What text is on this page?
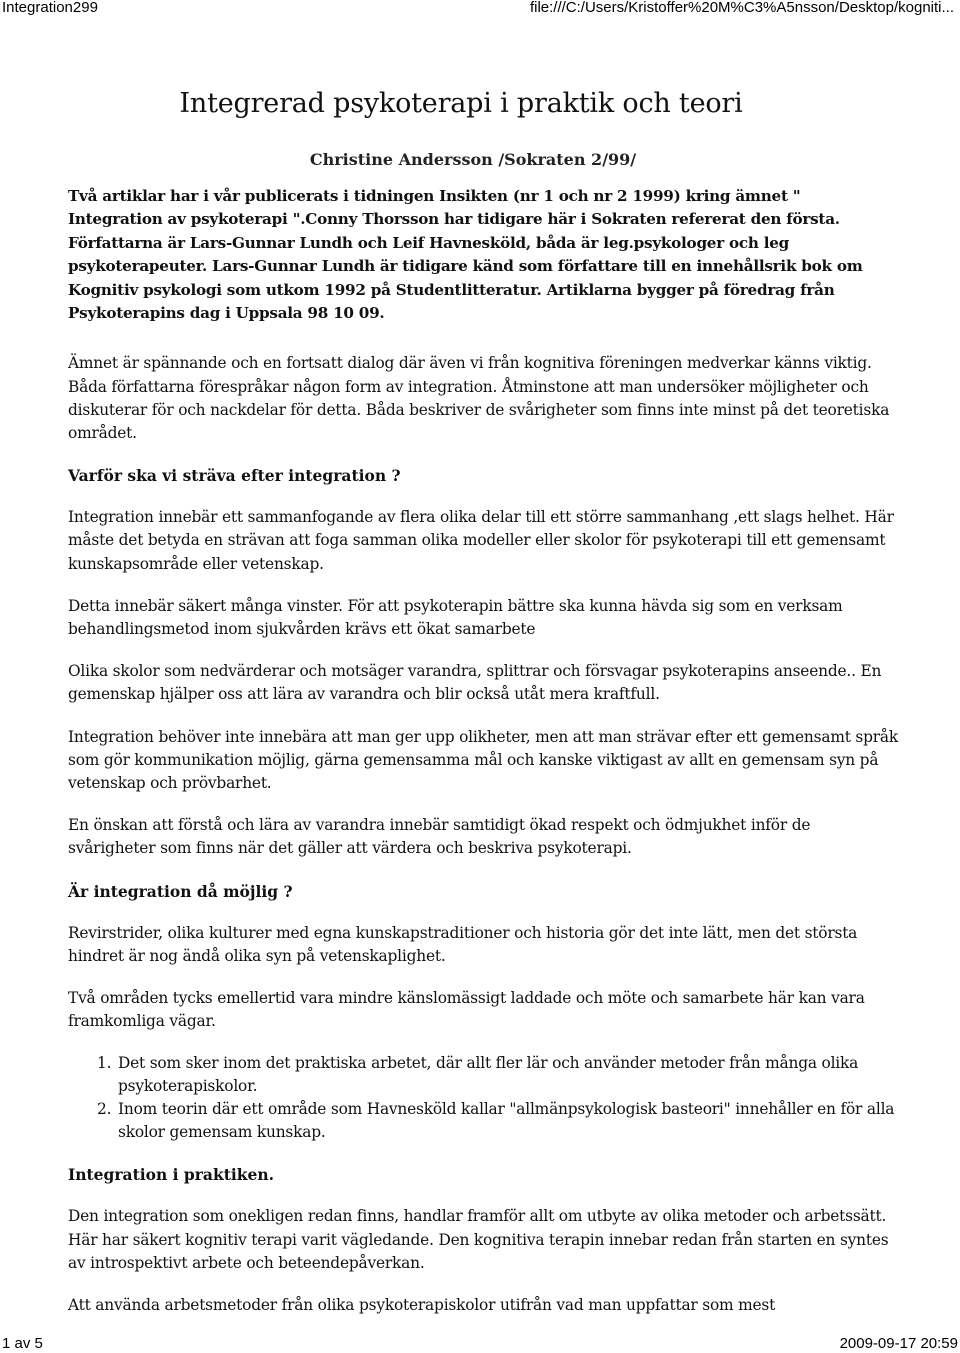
Integration299	file:///C:/Users/Kristoffer%20M%C3%A5nsson/Desktop/kogniti...
Integrerad psykoterapi i praktik och teori
Christine Andersson /Sokraten 2/99/
Två artiklar har i vår publicerats i tidningen Insikten (nr 1 och nr 2 1999) kring ämnet " Integration av psykoterapi ".Conny Thorsson har tidigare här i Sokraten refererat den första. Författarna är Lars-Gunnar Lundh och Leif Havnesköld, båda är leg.psykologer och leg psykoterapeuter. Lars-Gunnar Lundh är tidigare känd som författare till en innehållsrik bok om Kognitiv psykologi som utkom 1992 på Studentlitteratur. Artiklarna bygger på föredrag från Psykoterapins dag i Uppsala 98 10 09.

Ämnet är spännande och en fortsatt dialog där även vi från kognitiva föreningen medverkar känns viktig. Båda författarna förespråkar någon form av integration. Åtminstone att man undersöker möjligheter och diskuterar för och nackdelar för detta. Båda beskriver de svårigheter som finns inte minst på det teoretiska området.

Varför ska vi sträva efter integration ?

Integration innebär ett sammanfogande av flera olika delar till ett större sammanhang ,ett slags helhet. Här måste det betyda en strävan att foga samman olika modeller eller skolor för psykoterapi till ett gemensamt kunskapsområde eller vetenskap.

Detta innebär säkert många vinster. För att psykoterapin bättre ska kunna hävda sig som en verksam behandlingsmetod inom sjukvården krävs ett ökat samarbete

Olika skolor som nedvärderar och motsäger varandra, splittrar och försvagar psykoterapins anseende.. En gemenskap hjälper oss att lära av varandra och blir också utåt mera kraftfull.

Integration behöver inte innebära att man ger upp olikheter, men att man strävar efter ett gemensamt språk som gör kommunikation möjlig, gärna gemensamma mål och kanske viktigast av allt en gemensam syn på vetenskap och prövbarhet.

En önskan att förstå och lära av varandra innebär samtidigt ökad respekt och ödmjukhet inför de svårigheter som finns när det gäller att värdera och beskriva psykoterapi.

Är integration då möjlig ?

Revirstrider, olika kulturer med egna kunskapstraditioner och historia gör det inte lätt, men det största hindret är nog ändå olika syn på vetenskaplighet.

Två områden tycks emellertid vara mindre känslomässigt laddade och möte och samarbete här kan vara framkomliga vägar.

1. Det som sker inom det praktiska arbetet, där allt fler lär och använder metoder från många olika psykoterapiskolor.
2. Inom teorin där ett område som Havnesköld kallar "allmänpsykologisk basteori" innehåller en för alla skolor gemensam kunskap.
Integration i praktiken.

Den integration som onekligen redan finns, handlar framför allt om utbyte av olika metoder och arbetssätt. Här har säkert kognitiv terapi varit vägledande. Den kognitiva terapin innebar redan från starten en syntes av introspektivt arbete och beteendepåverkan.

Att använda arbetsmetoder från olika psykoterapiskolor utifrån vad man uppfattar som mest

1 av 5	2009-09-17 20:59
